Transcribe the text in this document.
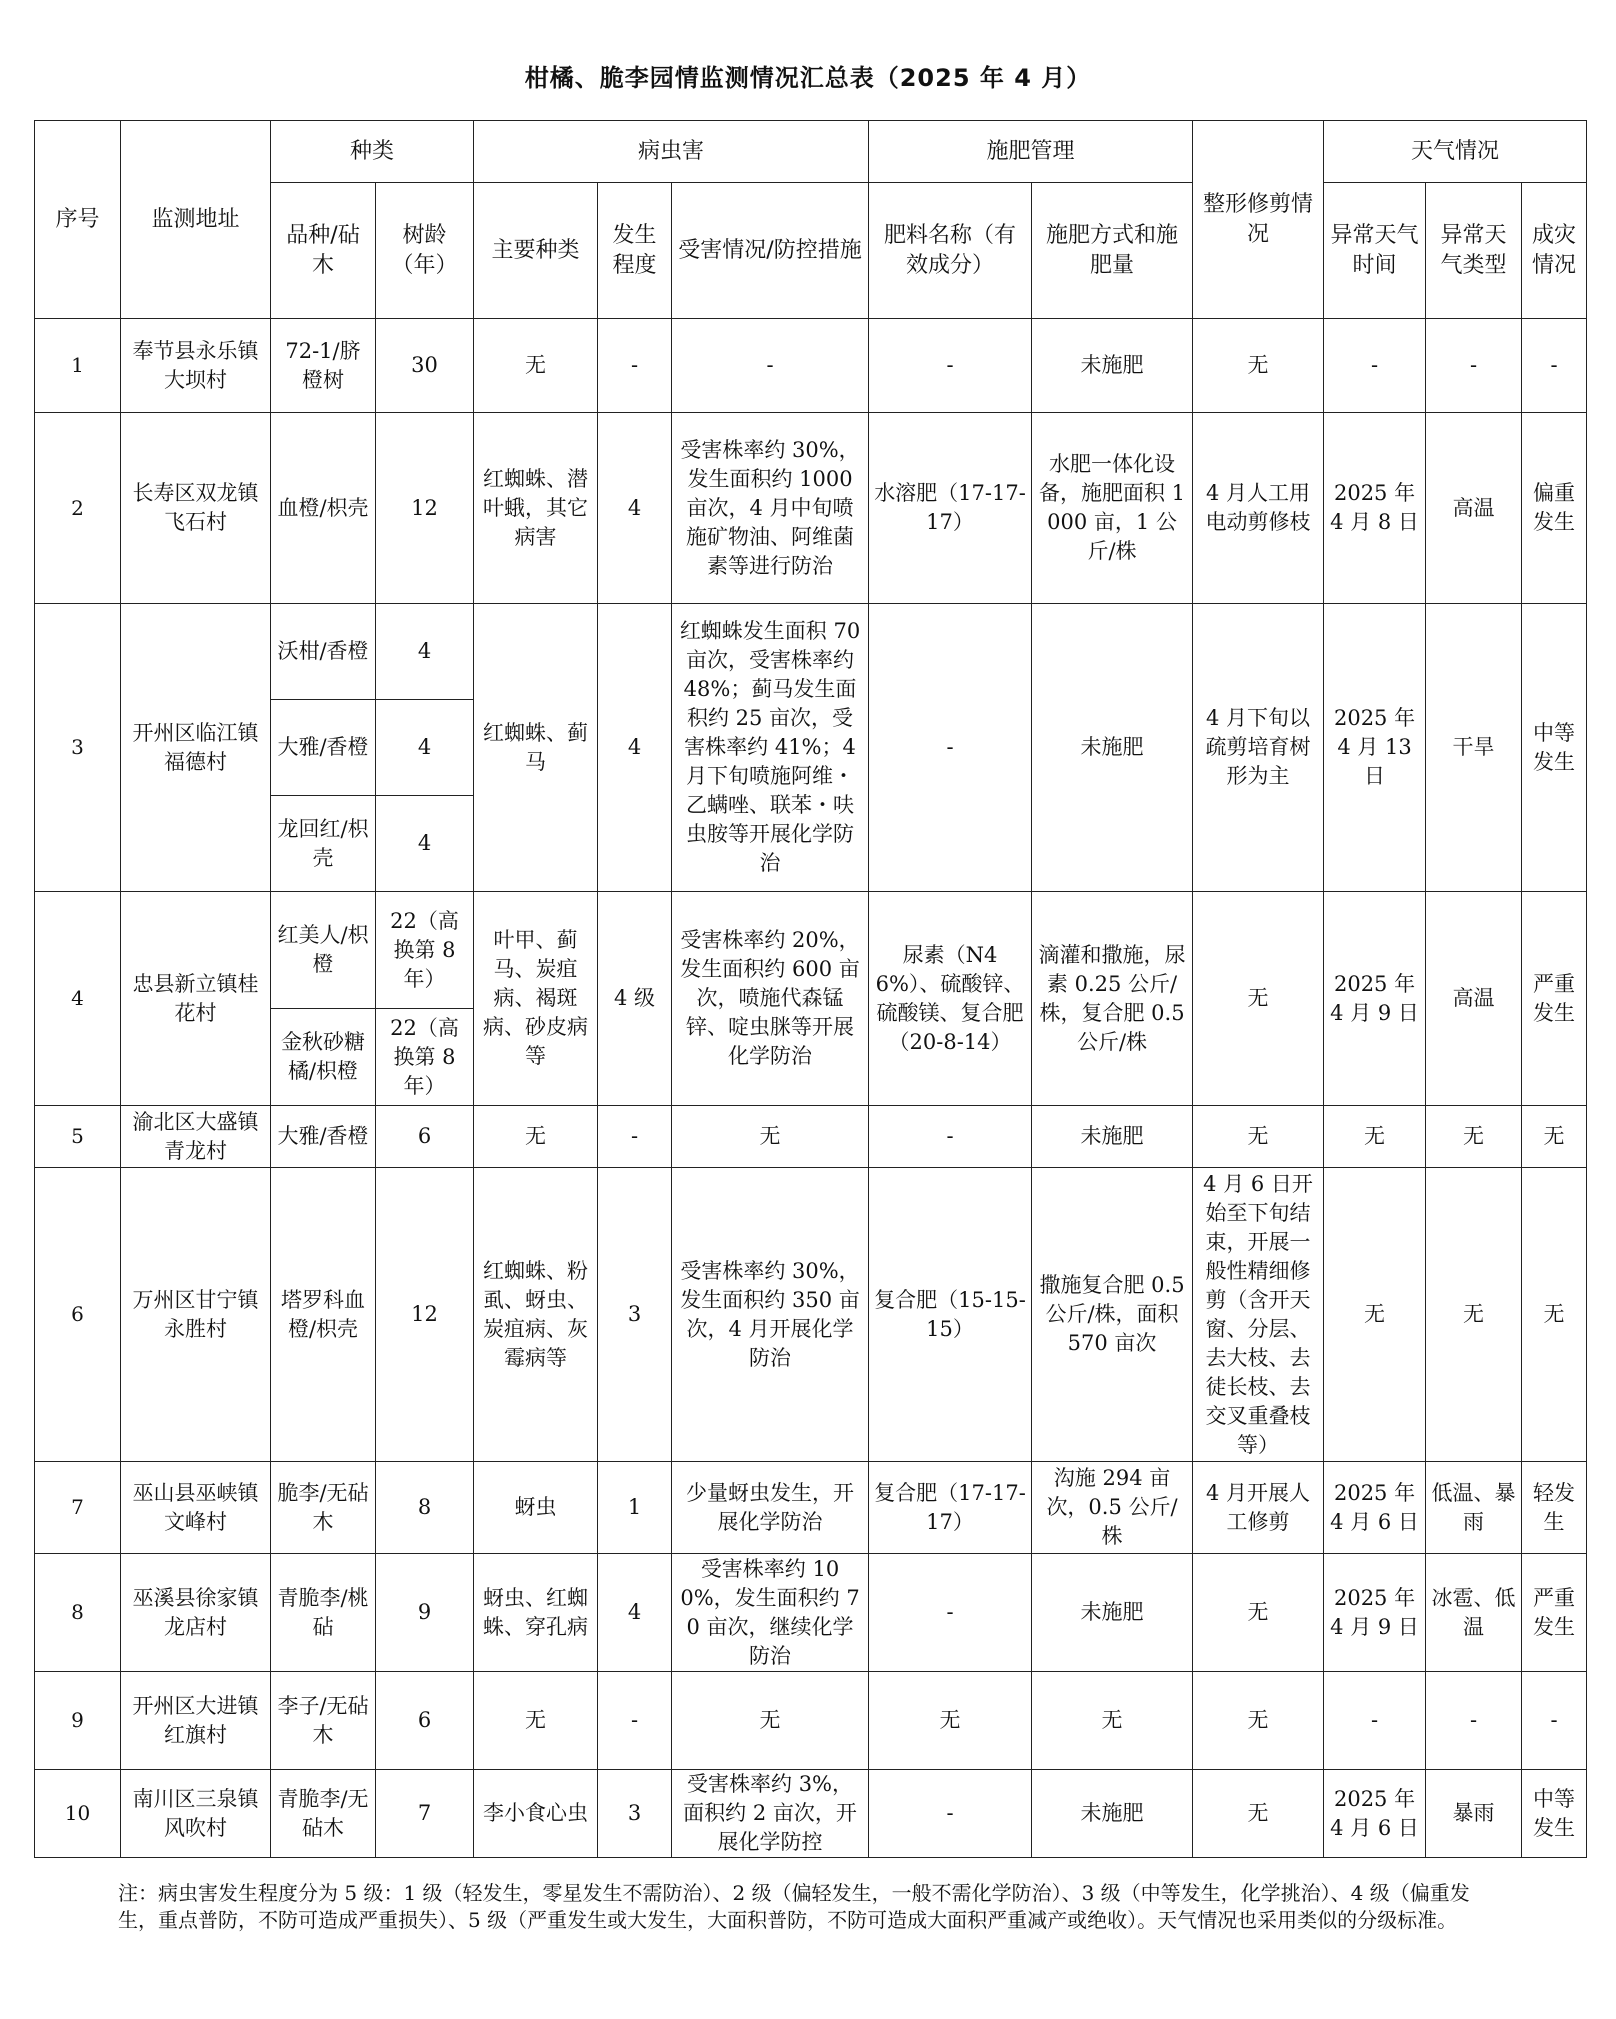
柑橘、脆李园情监测情况汇总表（2025 年 4 月）
序号	监测地址	种类		病虫害			施肥管理		整形修剪情况	天气情况		
		品种/砧木	树龄（年）	主要种类	发生程度	受害情况/防控措施	肥料名称（有效成分）	施肥方式和施肥量		异常天气时间	异常天气类型	成灾情况
1	奉节县永乐镇大坝村	72-1/脐橙树	30	无	-	-	-	未施肥	无	-	-	-
2	长寿区双龙镇飞石村	血橙/枳壳	12	红蜘蛛、潜叶蛾，其它病害	4	受害株率约 30%，发生面积约 1000 亩次，4 月中旬喷施矿物油、阿维菌素等进行防治	水溶肥（17-17-17）	水肥一体化设备，施肥面积 1000 亩，1 公斤/株	4 月人工用电动剪修枝	2025 年 4 月 8 日	高温	偏重发生
3	开州区临江镇福德村	沃柑/香橙	4	红蜘蛛、蓟马	4	红蜘蛛发生面积 70 亩次，受害株率约 48%；蓟马发生面积约 25 亩次，受害株率约 41%；4 月下旬喷施阿维・乙螨唑、联苯・呋虫胺等开展化学防治	-	未施肥	4 月下旬以疏剪培育树形为主	2025 年 4 月 13 日	干旱	中等发生
		大雅/香橙	4									
		龙回红/枳壳	4									
4	忠县新立镇桂花村	红美人/枳橙	22（高换第 8 年）	叶甲、蓟马、炭疽病、褐斑病、砂皮病等	4 级	受害株率约 20%，发生面积约 600 亩次，喷施代森锰锌、啶虫脒等开展化学防治	尿素（N46%）、硫酸锌、硫酸镁、复合肥（20-8-14）	滴灌和撒施，尿素 0.25 公斤/株，复合肥 0.5 公斤/株	无	2025 年 4 月 9 日	高温	严重发生
		金秋砂糖橘/枳橙	22（高换第 8 年）									
5	渝北区大盛镇青龙村	大雅/香橙	6	无	-	无	-	未施肥	无	无	无	无
6	万州区甘宁镇永胜村	塔罗科血橙/枳壳	12	红蜘蛛、粉虱、蚜虫、炭疽病、灰霉病等	3	受害株率约 30%，发生面积约 350 亩次，4 月开展化学防治	复合肥（15-15-15）	撒施复合肥 0.5 公斤/株，面积 570 亩次	4 月 6 日开始至下旬结束，开展一般性精细修剪（含开天窗、分层、去大枝、去徒长枝、去交叉重叠枝等）	无	无	无
7	巫山县巫峡镇文峰村	脆李/无砧木	8	蚜虫	1	少量蚜虫发生，开展化学防治	复合肥（17-17-17）	沟施 294 亩次，0.5 公斤/株	4 月开展人工修剪	2025 年 4 月 6 日	低温、暴雨	轻发生
8	巫溪县徐家镇龙店村	青脆李/桃砧	9	蚜虫、红蜘蛛、穿孔病	4	受害株率约 100%，发生面积约 70 亩次，继续化学防治	-	未施肥	无	2025 年 4 月 9 日	冰雹、低温	严重发生
9	开州区大进镇红旗村	李子/无砧木	6	无	-	无	无	无	无	-	-	-
10	南川区三泉镇风吹村	青脆李/无砧木	7	李小食心虫	3	受害株率约 3%，面积约 2 亩次，开展化学防控	-	未施肥	无	2025 年 4 月 6 日	暴雨	中等发生
注：病虫害发生程度分为 5 级：1 级（轻发生，零星发生不需防治）、2 级（偏轻发生，一般不需化学防治）、3 级（中等发生，化学挑治）、4 级（偏重发生，重点普防，不防可造成严重损失）、5 级（严重发生或大发生，大面积普防，不防可造成大面积严重减产或绝收）。天气情况也采用类似的分级标准。
